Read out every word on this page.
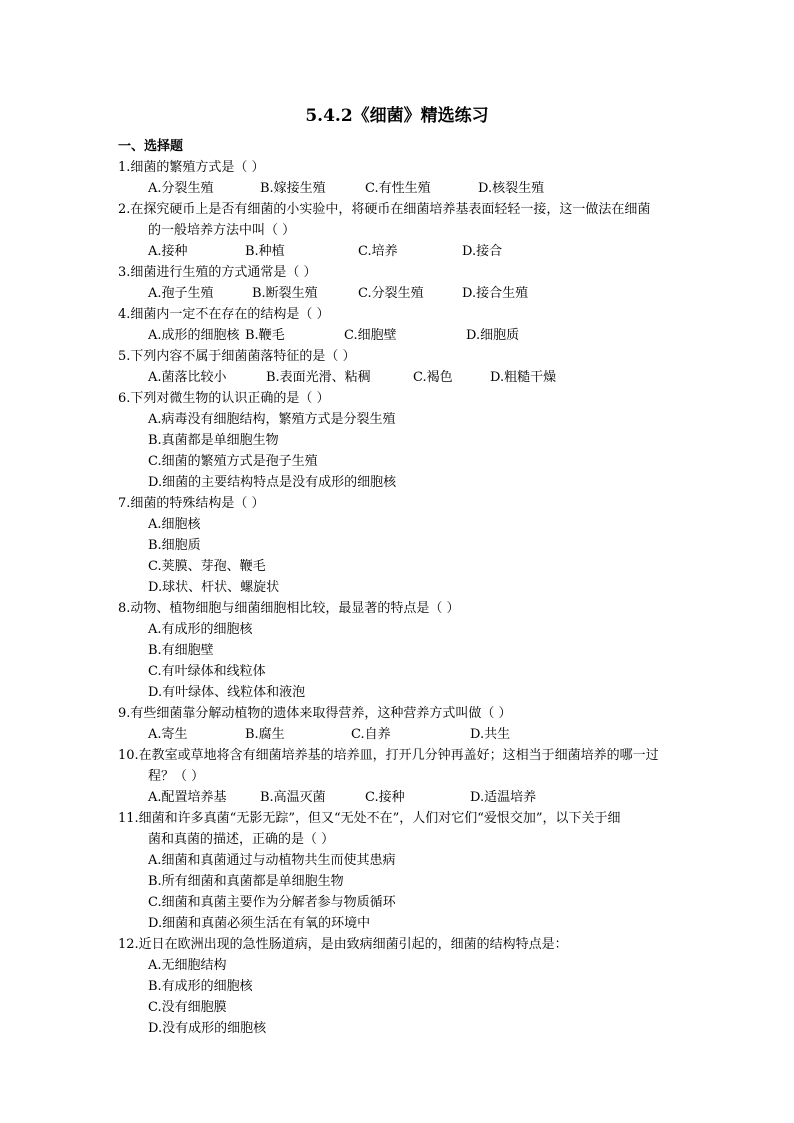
5.4.2《细菌》精选练习
一、选择题
1.细菌的繁殖方式是（ ）
A.分裂生殖	B.嫁接生殖	C.有性生殖	D.核裂生殖
2.在探究硬币上是否有细菌的小实验中，将硬币在细菌培养基表面轻轻一接，这一做法在细菌
的一般培养方法中叫（ ）
A.接种	B.种植	C.培养	D.接合
3.细菌进行生殖的方式通常是（ ）
A.孢子生殖	B.断裂生殖	C.分裂生殖	D.接合生殖
4.细菌内一定不在存在的结构是（ ）
A.成形的细胞核 B.鞭毛	C.细胞壁	D.细胞质
5.下列内容不属于细菌菌落特征的是（ ）
A.菌落比较小	B.表面光滑、粘稠	C.褐色	D.粗糙干燥
6.下列对微生物的认识正确的是（ ）
A.病毒没有细胞结构，繁殖方式是分裂生殖
B.真菌都是单细胞生物
C.细菌的繁殖方式是孢子生殖
D.细菌的主要结构特点是没有成形的细胞核
7.细菌的特殊结构是（ ）
A.细胞核
B.细胞质
C.荚膜、芽孢、鞭毛
D.球状、杆状、螺旋状
8.动物、植物细胞与细菌细胞相比较，最显著的特点是（ ）
A.有成形的细胞核
B.有细胞壁
C.有叶绿体和线粒体
D.有叶绿体、线粒体和液泡
9.有些细菌靠分解动植物的遗体来取得营养，这种营养方式叫做（ ）
A.寄生	B.腐生	C.自养	D.共生
10.在教室或草地将含有细菌培养基的培养皿，打开几分钟再盖好；这相当于细菌培养的哪一过
程？（ ）
A.配置培养基	B.高温灭菌	C.接种	D.适温培养
11.细菌和许多真菌“无影无踪”，但又“无处不在”，人们对它们“爱恨交加”，以下关于细
菌和真菌的描述，正确的是（ ）
A.细菌和真菌通过与动植物共生而使其患病
B.所有细菌和真菌都是单细胞生物
C.细菌和真菌主要作为分解者参与物质循环
D.细菌和真菌必须生活在有氧的环境中
12.近日在欧洲出现的急性肠道病，是由致病细菌引起的，细菌的结构特点是：
A.无细胞结构
B.有成形的细胞核
C.没有细胞膜
D.没有成形的细胞核
